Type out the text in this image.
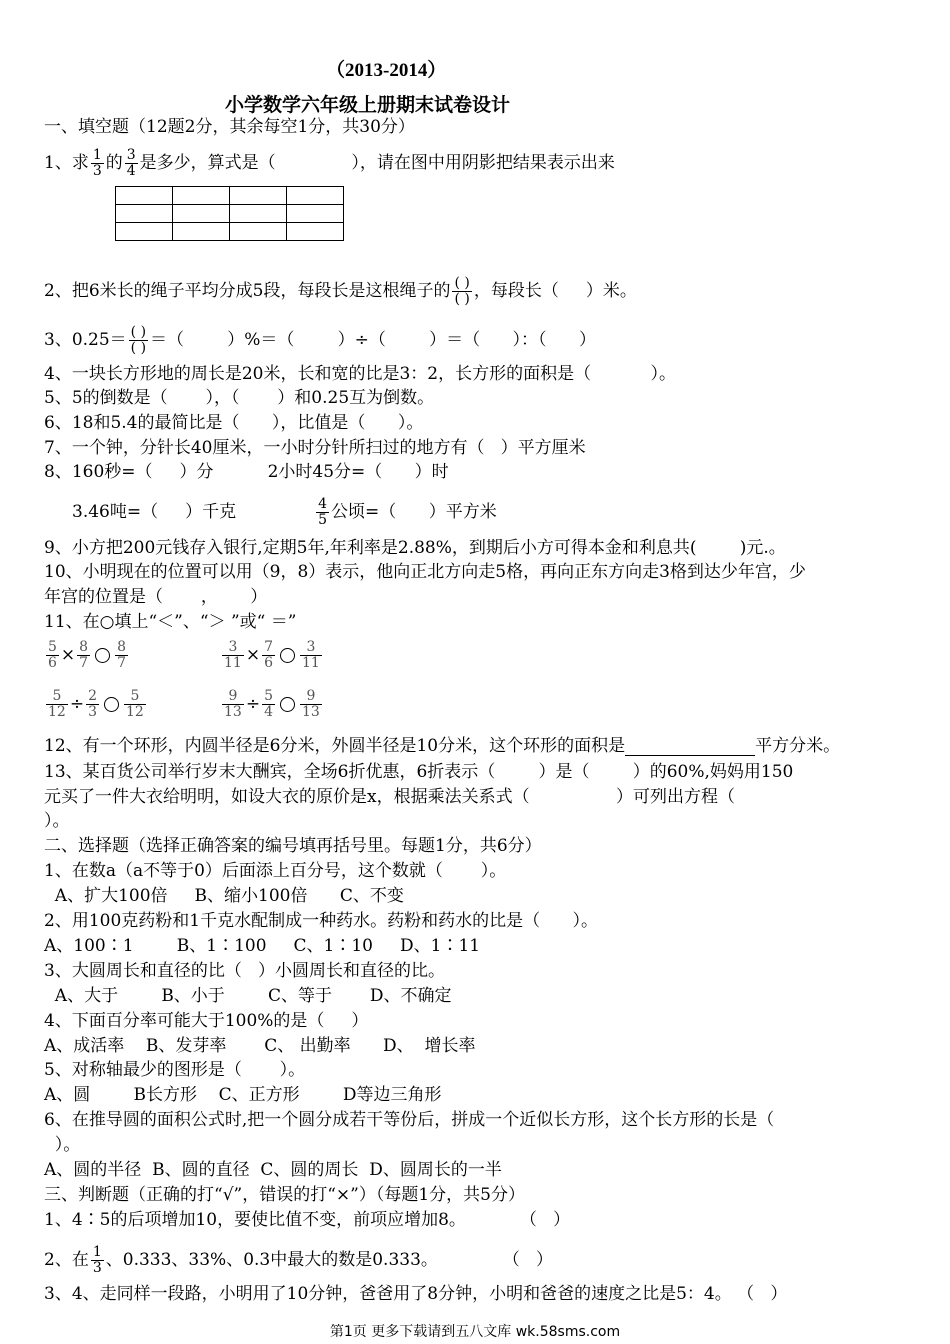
（2013-2014）
小学数学六年级上册期末试卷设计
一、填空题（12题2分，其余每空1分，共30分）
1、求 $\frac{1}{3}$ 的 $\frac{3}{4}$ 是多少，算式是（              ），请在图中用阴影把结果表示出来

2、把6米长的绳子平均分成5段，每段长是这根绳子的 ( )
( ) ，每段长（     ）米。
3、0.25＝ ( )
( ) ＝（        ）%＝（        ）÷（        ）＝（      ）：（      ）
4、一块长方形地的周长是20米，长和宽的比是3：2，长方形的面积是（           ）。
5、5的倒数是（       ），（       ）和0.25互为倒数。
6、18和5.4的最简比是（      ），比值是（      ）。
7、一个钟，分针长40厘米，一小时分针所扫过的地方有（   ）平方厘米
8、160秒=（     ）分          2小时45分=（      ）时
3.46吨=（     ）千克	$\frac{4}{5}$ 公顷=（      ）平方米
9、小方把200元钱存入银行,定期5年,年利率是2.88%，到期后小方可得本金和利息共(        )元.。
10、小明现在的位置可以用（9，8）表示，他向正北方向走5格，再向正东方向走3格到达少年宫，少
年宫的位置是（       ，      ）
11、在○填上“＜”、“＞ ”或“ ＝”
$\frac{5}{6} \times \frac{8}{7} \frac{8}{7}$	$\frac{3}{11} \times \frac{7}{6} \frac{3}{11}$
$\frac{5}{12} \div \frac{2}{3} \frac{5}{12}$	$\frac{9}{13} \div \frac{5}{4} \frac{9}{13}$
12、有一个环形，内圆半径是6分米，外圆半径是10分米，这个环形的面积是	平方分米。
13、某百货公司举行岁末大酬宾，全场6折优惠，6折表示（        ）是（        ）的60%,妈妈用150
元买了一件大衣给明明，如设大衣的原价是x，根据乘法关系式（                ）可列出方程（
）。
二、选择题（选择正确答案的编号填再括号里。每题1分，共6分）
1、在数a（a不等于0）后面添上百分号，这个数就（       ）。
A、扩大100倍     B、缩小100倍      C、不变
2、用100克药粉和1千克水配制成一种药水。药粉和药水的比是（      ）。
A、100∶1        B、1∶100     C、1∶10     D、1∶11
3、大圆周长和直径的比（   ）小圆周长和直径的比。
A、大于        B、小于        C、等于       D、不确定
4、下面百分率可能大于100%的是（     ）
A、成活率    B、发芽率       C、 出勤率      D、  增长率
5、对称轴最少的图形是（       ）。
A、圆        B长方形    C、正方形        D等边三角形
6、在推导圆的面积公式时,把一个圆分成若干等份后，拼成一个近似长方形，这个长方形的长是（
）。
A、圆的半径  B、圆的直径  C、圆的周长  D、圆周长的一半
三、判断题（正确的打“√”，错误的打“×”）（每题1分，共5分）
1、4∶5的后项增加10，要使比值不变，前项应增加8。          （   ）
2、在 $\frac{1}{3}$ 、0.333、33%、0.3中最大的数是0.333。            （   ）
3、4、走同样一段路，小明用了10分钟，爸爸用了8分钟，小明和爸爸的速度之比是5：4。 （   ）
第1页 更多下载请到五八文库 wk.58sms.com
